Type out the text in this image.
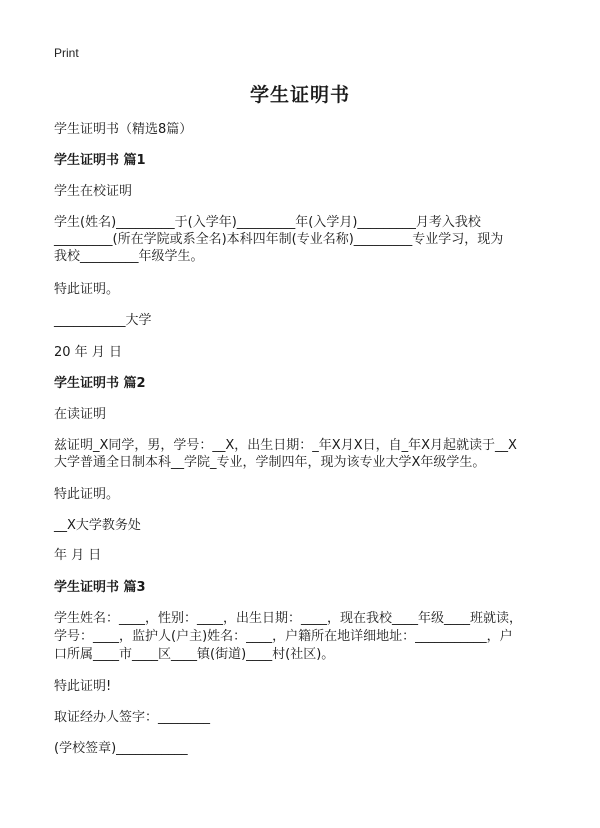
Print
学生证明书
学生证明书（精选8篇）
学生证明书 篇1
学生在校证明
学生(姓名)_________于(入学年)_________年(入学月)_________月考入我校
_________(所在学院或系全名)本科四年制(专业名称)_________专业学习，现为
我校_________年级学生。
特此证明。
___________大学
20 年 月 日
学生证明书 篇2
在读证明
兹证明_X同学，男，学号：__X，出生日期：_年X月X日，自_年X月起就读于__X
大学普通全日制本科__学院_专业，学制四年，现为该专业大学X年级学生。
特此证明。
__X大学教务处
年 月 日
学生证明书 篇3
学生姓名：____，性别：____，出生日期：____，现在我校____年级____班就读，
学号：____，监护人(户主)姓名：____，户籍所在地详细地址：___________，户
口所属____市____区____镇(街道)____村(社区)。
特此证明!
取证经办人签字：________
(学校签章)___________
